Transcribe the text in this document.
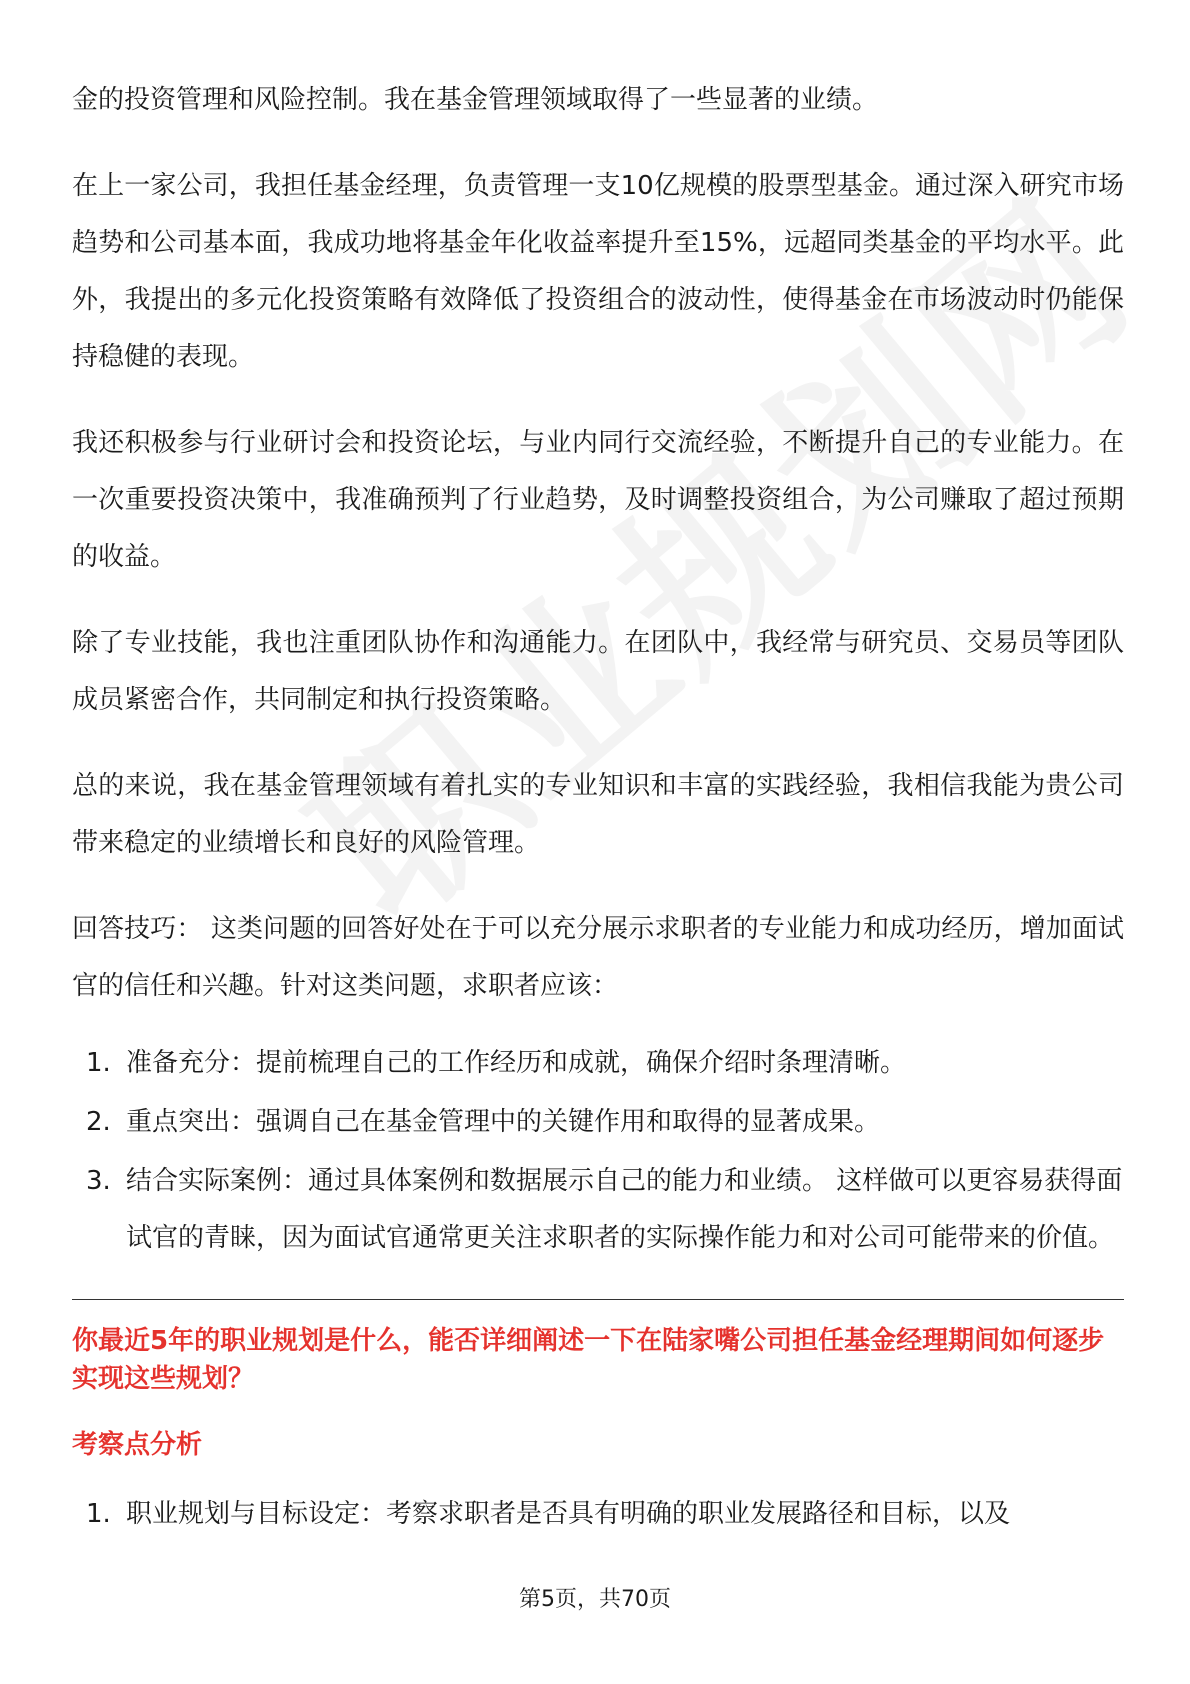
金的投资管理和风险控制。我在基金管理领域取得了一些显著的业绩。

在上一家公司，我担任基金经理，负责管理一支10亿规模的股票型基金。通过深入研究市场趋势和公司基本面，我成功地将基金年化收益率提升至15%，远超同类基金的平均水平。此外，我提出的多元化投资策略有效降低了投资组合的波动性，使得基金在市场波动时仍能保持稳健的表现。

我还积极参与行业研讨会和投资论坛，与业内同行交流经验，不断提升自己的专业能力。在一次重要投资决策中，我准确预判了行业趋势，及时调整投资组合，为公司赚取了超过预期的收益。

除了专业技能，我也注重团队协作和沟通能力。在团队中，我经常与研究员、交易员等团队成员紧密合作，共同制定和执行投资策略。

总的来说，我在基金管理领域有着扎实的专业知识和丰富的实践经验，我相信我能为贵公司带来稳定的业绩增长和良好的风险管理。

回答技巧： 这类问题的回答好处在于可以充分展示求职者的专业能力和成功经历，增加面试官的信任和兴趣。针对这类问题，求职者应该：

1. 准备充分：提前梳理自己的工作经历和成就，确保介绍时条理清晰。
2. 重点突出：强调自己在基金管理中的关键作用和取得的显著成果。
3. 结合实际案例：通过具体案例和数据展示自己的能力和业绩。 这样做可以更容易获得面试官的青睐，因为面试官通常更关注求职者的实际操作能力和对公司可能带来的价值。
你最近5年的职业规划是什么，能否详细阐述一下在陆家嘴公司担任基金经理期间如何逐步实现这些规划？
考察点分析
1. 职业规划与目标设定：考察求职者是否具有明确的职业发展路径和目标，以及
第5页，共70页
